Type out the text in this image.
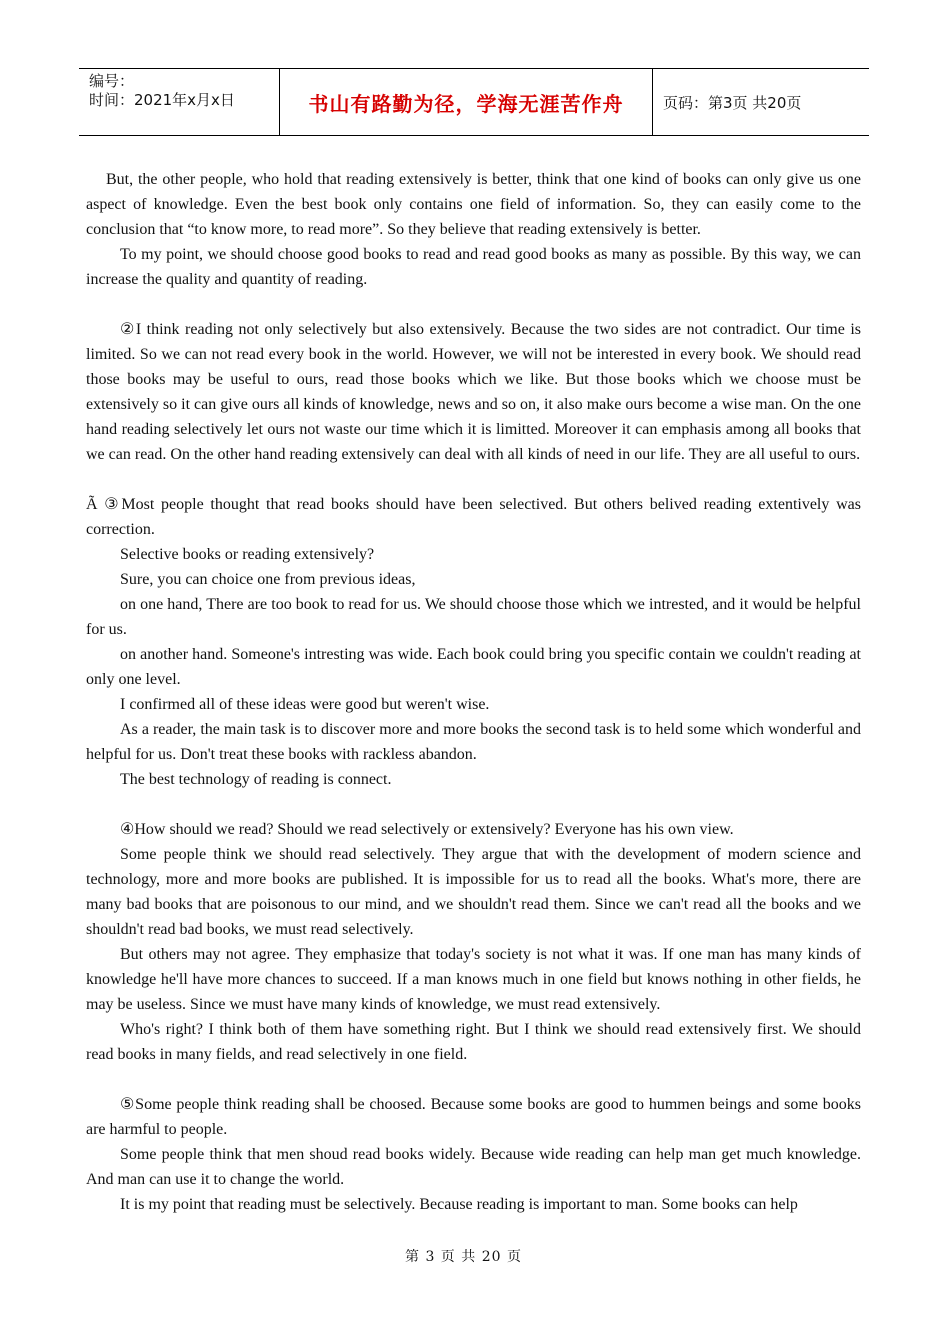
编号：
时间：2021年x月x日	书山有路勤为径，学海无涯苦作舟	页码：第3页 共20页

But, the other people, who hold that reading extensively is better, think that one kind of books can only give us one aspect of knowledge. Even the best book only contains one field of information. So, they can easily come to the conclusion that “to know more, to read more”. So they believe that reading extensively is better.

To my point, we should choose good books to read and read good books as many as possible. By this way, we can increase the quality and quantity of reading.

②I think reading not only selectively but also extensively. Because the two sides are not contradict. Our time is limited. So we can not read every book in the world. However, we will not be interested in every book. We should read those books may be useful to ours, read those books which we like. But those books which we choose must be extensively so it can give ours all kinds of knowledge, news and so on, it also make ours become a wise man. On the one hand reading selectively let ours not waste our time which it is limitted. Moreover it can emphasis among all books that we can read. On the other hand reading extensively can deal with all kinds of need in our life. They are all useful to ours.

Ã ③Most people thought that read books should have been selectived. But others belived reading extentively was correction.

Selective books or reading extensively?

Sure, you can choice one from previous ideas,

on one hand, There are too book to read for us. We should choose those which we intrested, and it would be helpful for us.

on another hand. Someone's intresting was wide. Each book could bring you specific contain we couldn't reading at only one level.

I confirmed all of these ideas were good but weren't wise.

As a reader, the main task is to discover more and more books the second task is to held some which wonderful and helpful for us. Don't treat these books with rackless abandon.

The best technology of reading is connect.

④How should we read? Should we read selectively or extensively? Everyone has his own view.

Some people think we should read selectively. They argue that with the development of modern science and technology, more and more books are published. It is impossible for us to read all the books. What's more, there are many bad books that are poisonous to our mind, and we shouldn't read them. Since we can't read all the books and we shouldn't read bad books, we must read selectively.

But others may not agree. They emphasize that today's society is not what it was. If one man has many kinds of knowledge he'll have more chances to succeed. If a man knows much in one field but knows nothing in other fields, he may be useless. Since we must have many kinds of knowledge, we must read extensively.

Who's right? I think both of them have something right. But I think we should read extensively first. We should read books in many fields, and read selectively in one field.

⑤Some people think reading shall be choosed. Because some books are good to hummen beings and some books are harmful to people.

Some people think that men shoud read books widely. Because wide reading can help man get much knowledge. And man can use it to change the world.

It is my point that reading must be selectively. Because reading is important to man. Some books can help

第 3 页 共 20 页
